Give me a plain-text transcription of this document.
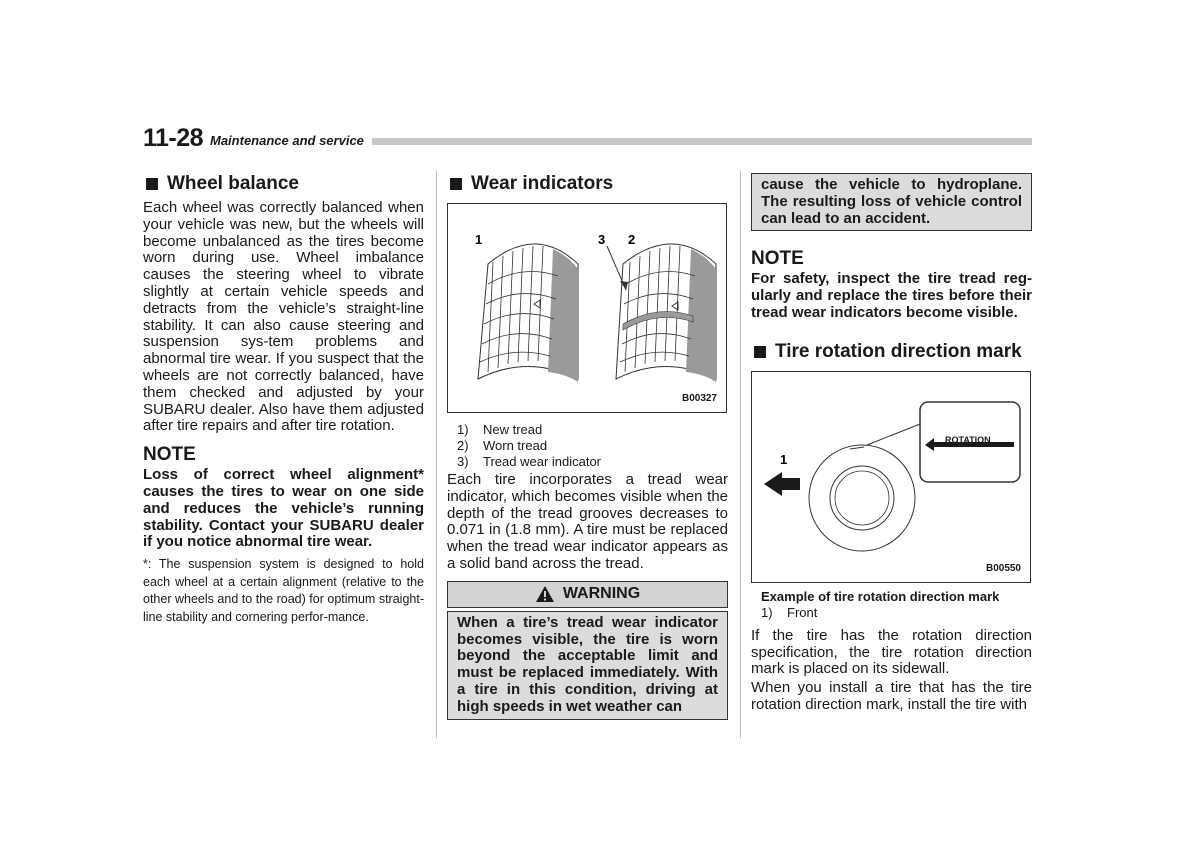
11-28 Maintenance and service
Wheel balance

Each wheel was correctly balanced when your vehicle was new, but the wheels will become unbalanced as the tires become worn during use. Wheel imbalance causes the steering wheel to vibrate slightly at certain vehicle speeds and detracts from the vehicle’s straight-line stability. It can also cause steering and suspension sys-tem problems and abnormal tire wear. If you suspect that the wheels are not correctly balanced, have them checked and adjusted by your SUBARU dealer. Also have them adjusted after tire repairs and after tire rotation.

NOTE

Loss of correct wheel alignment* causes the tires to wear on one side and reduces the vehicle’s running stability. Contact your SUBARU dealer if you notice abnormal tire wear.

*: The suspension system is designed to hold each wheel at a certain alignment (relative to the other wheels and to the road) for optimum straight-line stability and cornering perfor-mance.

Wear indicators
1	3 2
B00327
1)	New tread
2)	Worn tread
3)	Tread wear indicator

Each tire incorporates a tread wear indicator, which becomes visible when the depth of the tread grooves decreases to 0.071 in (1.8 mm). A tire must be replaced when the tread wear indicator appears as a solid band across the tread.

WARNING

When a tire’s tread wear indicator becomes visible, the tire is worn beyond the acceptable limit and must be replaced immediately. With a tire in this condition, driving at high speeds in wet weather can

cause the vehicle to hydroplane. The resulting loss of vehicle control can lead to an accident.

NOTE

For safety, inspect the tire tread reg-ularly and replace the tires before their tread wear indicators become visible.

Tire rotation direction mark
ROTATION
1
B00550
Example of tire rotation direction mark
1)	Front

If the tire has the rotation direction specification, the tire rotation direction mark is placed on its sidewall.

When you install a tire that has the tire rotation direction mark, install the tire with
